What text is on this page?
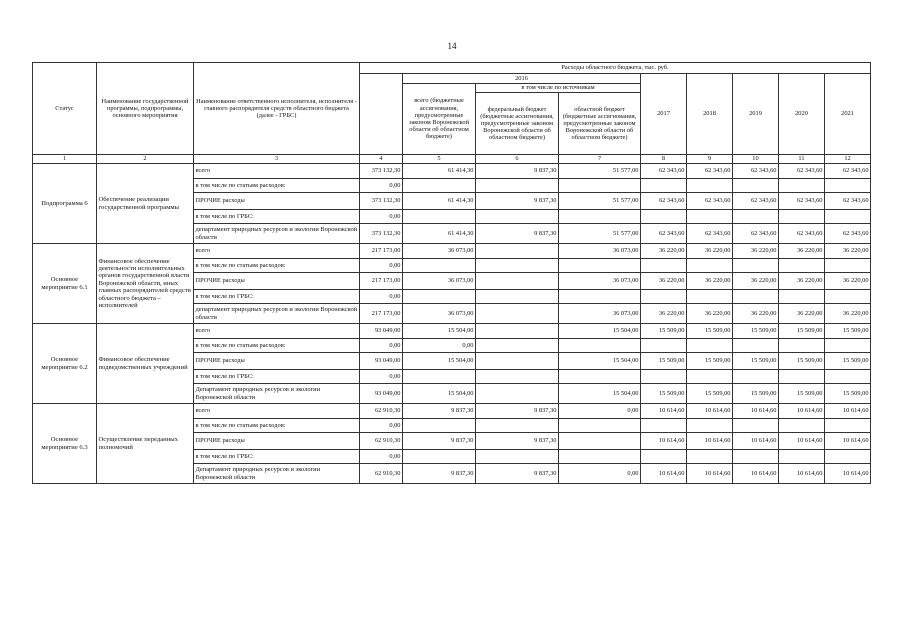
14
Статус	Наименование государственной программы, подпрограммы, основного мероприятия	Наименование ответственного исполнителя, исполнителя - главного распорядителя средств областного бюджета (далее - ГРБС)	Расходы областного бюджета, тыс. руб.								
				2016			2017	2018	2019	2020	2021
				всего (бюджетные ассигнования, предусмотренные законом Воронежской области об областном бюджете)	в том числе по источникам						
					федеральный бюджет (бюджетные ассигнования, предусмотренные законом Воронежской области об областном бюджете)	областной бюджет (бюджетные ассигнования, предусмотренные законом Воронежской области об областном бюджете)					
1	2	3	4	5	6	7	8	9	10	11	12
Подпрограмма 6	Обеспечение реализации государственной программы	всего	373 132,30	61 414,30	9 837,30	51 577,00	62 343,60	62 343,60	62 343,60	62 343,60	62 343,60
		в том числе по статьям расходов:	0,00								
		ПРОЧИЕ расходы	373 132,30	61 414,30	9 837,30	51 577,00	62 343,60	62 343,60	62 343,60	62 343,60	62 343,60
		в том числе по ГРБС:	0,00								
		департамент природных ресурсов и экологии Воронежской области	373 132,30	61 414,30	9 837,30	51 577,00	62 343,60	62 343,60	62 343,60	62 343,60	62 343,60
Основное мероприятие 6.1	Финансовое обеспечение деятельности исполнительных органов государственной власти Воронежской области, иных главных распорядителей средств областного бюджета – исполнителей	всего	217 173,00	36 073,00		36 073,00	36 220,00	36 220,00	36 220,00	36 220,00	36 220,00
		в том числе по статьям расходов:	0,00								
		ПРОЧИЕ расходы	217 173,00	36 073,00		36 073,00	36 220,00	36 220,00	36 220,00	36 220,00	36 220,00
		в том числе по ГРБС:	0,00								
		департамент природных ресурсов и экологии Воронежской области	217 173,00	36 073,00		36 073,00	36 220,00	36 220,00	36 220,00	36 220,00	36 220,00
Основное мероприятие 6.2	Финансовое обеспечение подведомственных учреждений	всего	93 049,00	15 504,00		15 504,00	15 509,00	15 509,00	15 509,00	15 509,00	15 509,00
		в том числе по статьям расходов:	0,00	0,00							
		ПРОЧИЕ расходы	93 049,00	15 504,00		15 504,00	15 509,00	15 509,00	15 509,00	15 509,00	15 509,00
		в том числе по ГРБС:	0,00								
		Департамент природных ресурсов и экологии Воронежской области	93 049,00	15 504,00		15 504,00	15 509,00	15 509,00	15 509,00	15 509,00	15 509,00
Основное мероприятие 6.3	Осуществление переданных полномочий	всего	62 910,30	9 837,30	9 837,30	0,00	10 614,60	10 614,60	10 614,60	10 614,60	10 614,60
		в том числе по статьям расходов:	0,00								
		ПРОЧИЕ расходы	62 910,30	9 837,30	9 837,30		10 614,60	10 614,60	10 614,60	10 614,60	10 614,60
		в том числе по ГРБС:	0,00								
		Департамент природных ресурсов и экологии Воронежской области	62 910,30	9 837,30	9 837,30	0,00	10 614,60	10 614,60	10 614,60	10 614,60	10 614,60
